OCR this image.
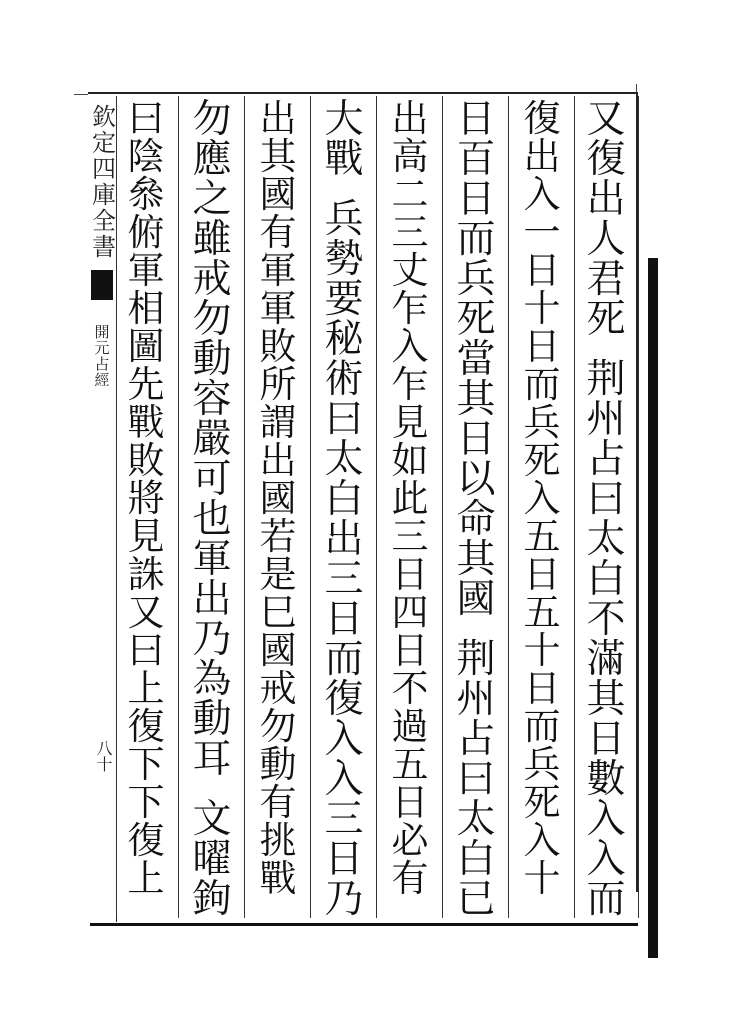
欽定四庫全書
開元占經
八十
又
復
出
人
君
死
荆
州
占
曰
太
白
不
滿
其
日
數
入
入
而
復
出
入
一
日
十
日
而
兵
死
入
五
日
五
十
日
而
兵
死
入
十
日
百
日
而
兵
死
當
其
日
以
命
其
國
荆
州
占
曰
太
白
已
出
高
二
三
丈
乍
入
乍
見
如
此
三
日
四
日
不
過
五
日
必
有
大
戰
兵
勢
要
秘
術
曰
太
白
出
三
日
而
復
入
入
三
日
乃
出
其
國
有
軍
軍
敗
所
謂
出
國
若
是
巳
國
戒
勿
動
有
挑
戰
勿
應
之
雖
戒
勿
動
容
嚴
可
也
軍
出
乃
為
動
耳
文
曜
鉤
曰
陰
叅
俯
軍
相
圖
先
戰
敗
將
見
誅
又
曰
上
復
下
下
復
上
